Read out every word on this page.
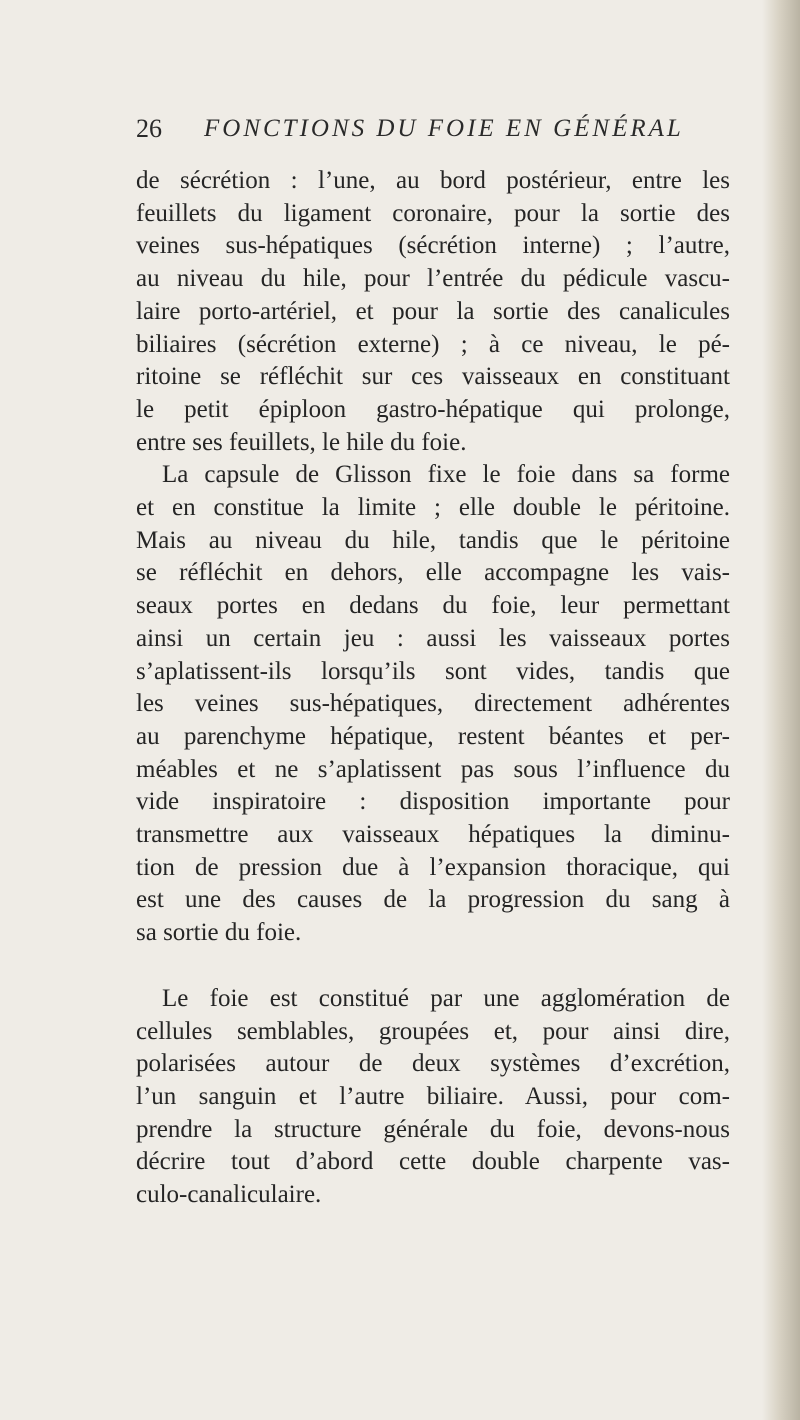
26 FONCTIONS DU FOIE EN GÉNÉRAL

de sécrétion : l’une, au bord postérieur, entre les
feuillets du ligament coronaire, pour la sortie des
veines sus-hépatiques (sécrétion interne) ; l’autre,
au niveau du hile, pour l’entrée du pédicule vascu-
laire porto-artériel, et pour la sortie des canalicules
biliaires (sécrétion externe) ; à ce niveau, le pé-
ritoine se réfléchit sur ces vaisseaux en constituant
le petit épiploon gastro-hépatique qui prolonge,
entre ses feuillets, le hile du foie.

La capsule de Glisson fixe le foie dans sa forme
et en constitue la limite ; elle double le péritoine.
Mais au niveau du hile, tandis que le péritoine
se réfléchit en dehors, elle accompagne les vais-
seaux portes en dedans du foie, leur permettant
ainsi un certain jeu : aussi les vaisseaux portes
s’aplatissent-ils lorsqu’ils sont vides, tandis que
les veines sus-hépatiques, directement adhérentes
au parenchyme hépatique, restent béantes et per-
méables et ne s’aplatissent pas sous l’influence du
vide inspiratoire : disposition importante pour
transmettre aux vaisseaux hépatiques la diminu-
tion de pression due à l’expansion thoracique, qui
est une des causes de la progression du sang à
sa sortie du foie.

Le foie est constitué par une agglomération de
cellules semblables, groupées et, pour ainsi dire,
polarisées autour de deux systèmes d’excrétion,
l’un sanguin et l’autre biliaire. Aussi, pour com-
prendre la structure générale du foie, devons-nous
décrire tout d’abord cette double charpente vas-
culo-canaliculaire.
